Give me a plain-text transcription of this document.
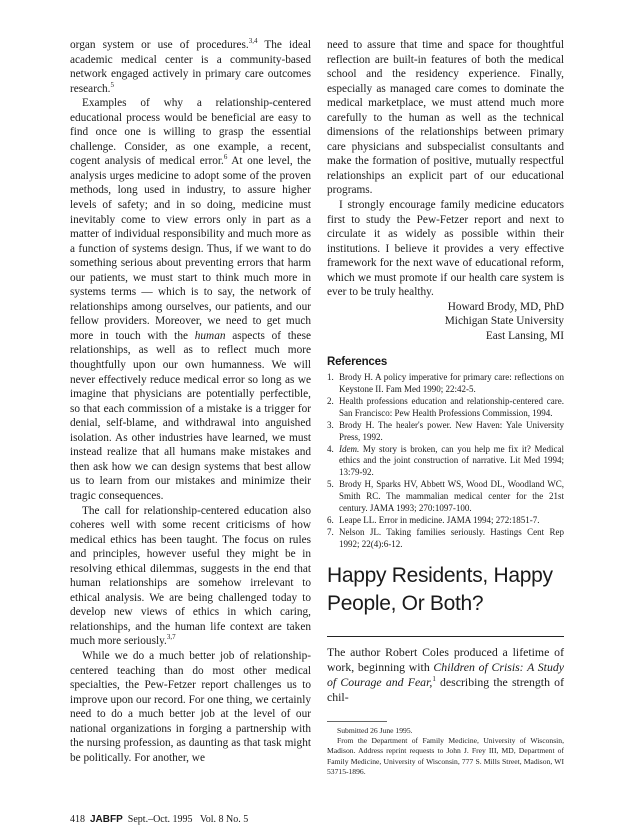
organ system or use of procedures.$^{3,4}$ The ideal academic medical center is a community-based network engaged actively in primary care outcomes research.$^5$

Examples of why a relationship-centered educational process would be beneficial are easy to find once one is willing to grasp the essential challenge. Consider, as one example, a recent, cogent analysis of medical error.$^6$ At one level, the analysis urges medicine to adopt some of the proven methods, long used in industry, to assure higher levels of safety; and in so doing, medicine must inevitably come to view errors only in part as a matter of individual responsibility and much more as a function of systems design. Thus, if we want to do something serious about preventing errors that harm our patients, we must start to think much more in systems terms — which is to say, the network of relationships among ourselves, our patients, and our fellow providers. Moreover, we need to get much more in touch with the human aspects of these relationships, as well as to reflect much more thoughtfully upon our own humanness. We will never effectively reduce medical error so long as we imagine that physicians are potentially perfectible, so that each commission of a mistake is a trigger for denial, self-blame, and withdrawal into anguished isolation. As other industries have learned, we must instead realize that all humans make mistakes and then ask how we can design systems that best allow us to learn from our mistakes and minimize their tragic consequences.

The call for relationship-centered education also coheres well with some recent criticisms of how medical ethics has been taught. The focus on rules and principles, however useful they might be in resolving ethical dilemmas, suggests in the end that human relationships are somehow irrelevant to ethical analysis. We are being challenged today to develop new views of ethics in which caring, relationships, and the human life context are taken much more seriously.$^{3,7}$

While we do a much better job of relationship-centered teaching than do most other medical specialties, the Pew-Fetzer report challenges us to improve upon our record. For one thing, we certainly need to do a much better job at the level of our national organizations in forging a partnership with the nursing profession, as daunting as that task might be politically. For another, we

need to assure that time and space for thoughtful reflection are built-in features of both the medical school and the residency experience. Finally, especially as managed care comes to dominate the medical marketplace, we must attend much more carefully to the human as well as the technical dimensions of the relationships between primary care physicians and subspecialist consultants and make the formation of positive, mutually respectful relationships an explicit part of our educational programs.

I strongly encourage family medicine educators first to study the Pew-Fetzer report and next to circulate it as widely as possible within their institutions. I believe it provides a very effective framework for the next wave of educational reform, which we must promote if our health care system is ever to be truly healthy.

Howard Brody, MD, PhD
Michigan State University
East Lansing, MI
References
1. Brody H. A policy imperative for primary care: reflections on Keystone II. Fam Med 1990; 22:42-5.
2. Health professions education and relationship-centered care. San Francisco: Pew Health Professions Commission, 1994.
3. Brody H. The healer's power. New Haven: Yale University Press, 1992.
4. Idem. My story is broken, can you help me fix it? Medical ethics and the joint construction of narrative. Lit Med 1994; 13:79-92.
5. Brody H, Sparks HV, Abbett WS, Wood DL, Woodland WC, Smith RC. The mammalian medical center for the 21st century. JAMA 1993; 270:1097-100.
6. Leape LL. Error in medicine. JAMA 1994; 272:1851-7.
7. Nelson JL. Taking families seriously. Hastings Cent Rep 1992; 22(4):6-12.
Happy Residents, Happy People, Or Both?

The author Robert Coles produced a lifetime of work, beginning with Children of Crisis: A Study of Courage and Fear,$^1$ describing the strength of chil-

Submitted 26 June 1995.

From the Department of Family Medicine, University of Wisconsin, Madison. Address reprint requests to John J. Frey III, MD, Department of Family Medicine, University of Wisconsin, 777 S. Mills Street, Madison, WI 53715-1896.

418 JABFP Sept.–Oct. 1995   Vol. 8 No. 5
